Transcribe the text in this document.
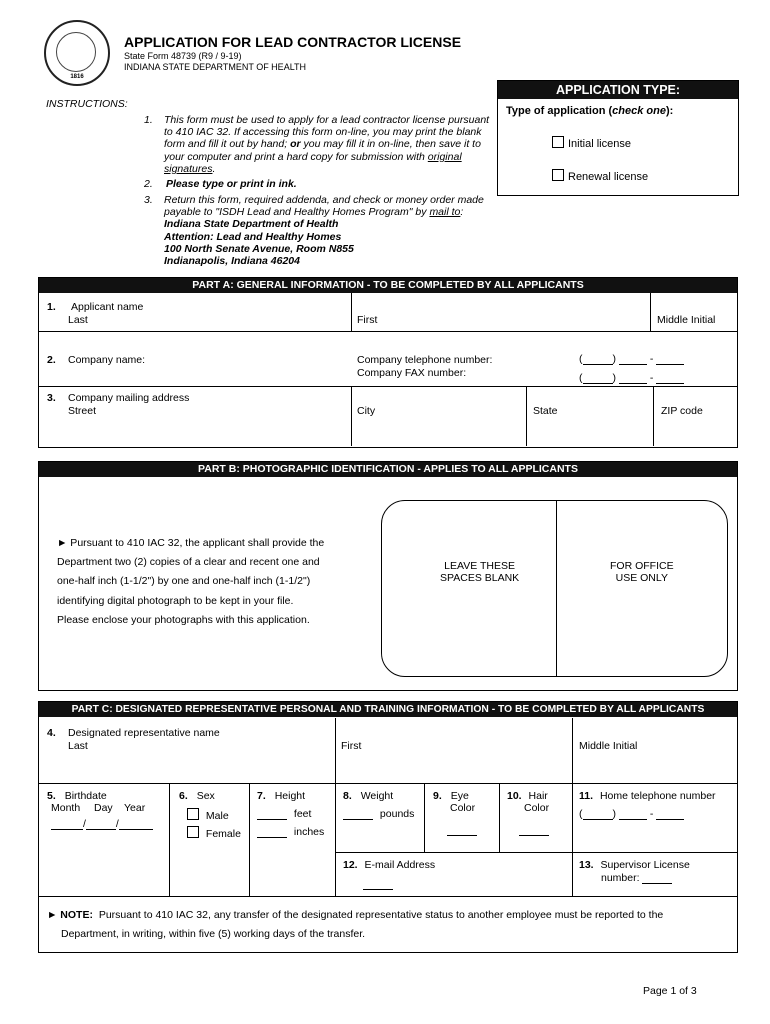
1816
APPLICATION FOR LEAD CONTRACTOR LICENSE
State Form 48739 (R9 / 9-19)
INDIANA STATE DEPARTMENT OF HEALTH
APPLICATION TYPE:
Type of application (check one):
Initial license
Renewal license
INSTRUCTIONS:
1. This form must be used to apply for a lead contractor license pursuant
to 410 IAC 32. If accessing this form on-line, you may print the blank
form and fill it out by hand; or you may fill it in on-line, then save it to
your computer and print a hard copy for submission with original
signatures.
2. Please type or print in ink.
3. Return this form, required addenda, and check or money order made
payable to "ISDH Lead and Healthy Homes Program" by mail to:
Indiana State Department of Health
Attention: Lead and Healthy Homes
100 North Senate Avenue, Room N855
Indianapolis, Indiana 46204
PART A: GENERAL INFORMATION - TO BE COMPLETED BY ALL APPLICANTS
1. Applicant name
Last	First	Middle Initial
2. Company name:	Company telephone number:
Company FAX number:
(	)	-
(	)	-
3. Company mailing address
Street	City	State	ZIP code
PART B: PHOTOGRAPHIC IDENTIFICATION - APPLIES TO ALL APPLICANTS
► Pursuant to 410 IAC 32, the applicant shall provide the
Department two (2) copies of a clear and recent one and
one-half inch (1-1/2") by one and one-half inch (1-1/2")
identifying digital photograph to be kept in your file.
Please enclose your photographs with this application.
LEAVE THESE
SPACES BLANK
FOR OFFICE
USE ONLY
PART C: DESIGNATED REPRESENTATIVE PERSONAL AND TRAINING INFORMATION - TO BE COMPLETED BY ALL APPLICANTS
4. Designated representative name
Last	First	Middle Initial
5. Birthdate
Month Day Year
/	/
6. Sex
Male
Female
7. Height
feet
inches
8. Weight
pounds
9. Eye
Color
10. Hair
Color
11. Home telephone number
(	)	-
12. E-mail Address	13. Supervisor License
number:
► NOTE: Pursuant to 410 IAC 32, any transfer of the designated representative status to another employee must be reported to the
Department, in writing, within five (5) working days of the transfer.
Page 1 of 3
